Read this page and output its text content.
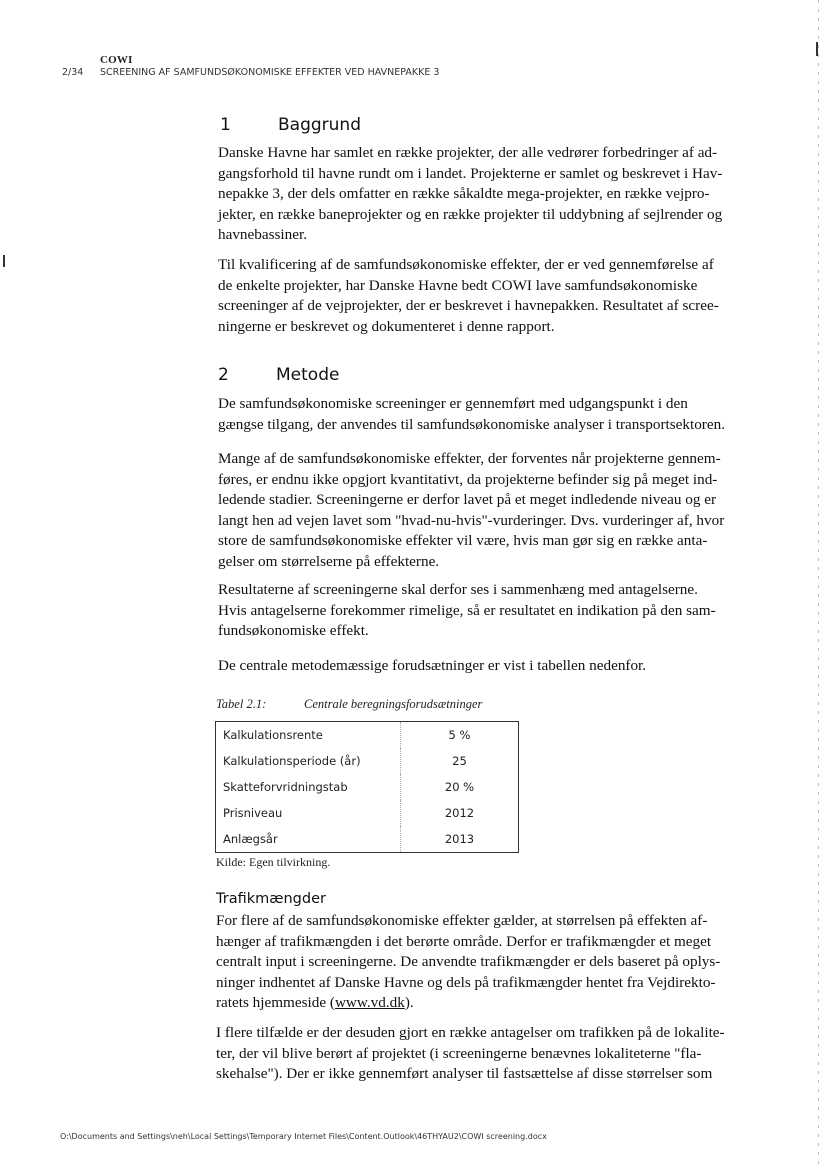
COWI
2/34 SCREENING AF SAMFUNDSØKONOMISKE EFFEKTER VED HAVNEPAKKE 3
1	Baggrund
Danske Havne har samlet en række projekter, der alle vedrører forbedringer af ad-
gangsforhold til havne rundt om i landet. Projekterne er samlet og beskrevet i Hav-
nepakke 3, der dels omfatter en række såkaldte mega-projekter, en række vejpro-
jekter, en række baneprojekter og en række projekter til uddybning af sejlrender og
havnebassiner.
Til kvalificering af de samfundsøkonomiske effekter, der er ved gennemførelse af
de enkelte projekter, har Danske Havne bedt COWI lave samfundsøkonomiske
screeninger af de vejprojekter, der er beskrevet i havnepakken. Resultatet af scree-
ningerne er beskrevet og dokumenteret i denne rapport.
2	Metode
De samfundsøkonomiske screeninger er gennemført med udgangspunkt i den
gængse tilgang, der anvendes til samfundsøkonomiske analyser i transportsektoren.
Mange af de samfundsøkonomiske effekter, der forventes når projekterne gennem-
føres, er endnu ikke opgjort kvantitativt, da projekterne befinder sig på meget ind-
ledende stadier. Screeningerne er derfor lavet på et meget indledende niveau og er
langt hen ad vejen lavet som "hvad-nu-hvis"-vurderinger. Dvs. vurderinger af, hvor
store de samfundsøkonomiske effekter vil være, hvis man gør sig en række anta-
gelser om størrelserne på effekterne.
Resultaterne af screeningerne skal derfor ses i sammenhæng med antagelserne.
Hvis antagelserne forekommer rimelige, så er resultatet en indikation på den sam-
fundsøkonomiske effekt.
De centrale metodemæssige forudsætninger er vist i tabellen nedenfor.
Tabel 2.1:	Centrale beregningsforudsætninger
Kalkulationsrente	5 %
Kalkulationsperiode (år)	25
Skatteforvridningstab	20 %
Prisniveau	2012
Anlægsår	2013
Kilde: Egen tilvirkning.
Trafikmængder
For flere af de samfundsøkonomiske effekter gælder, at størrelsen på effekten af-
hænger af trafikmængden i det berørte område. Derfor er trafikmængder et meget
centralt input i screeningerne. De anvendte trafikmængder er dels baseret på oplys-
ninger indhentet af Danske Havne og dels på trafikmængder hentet fra Vejdirekto-
ratets hjemmeside (www.vd.dk).
I flere tilfælde er der desuden gjort en række antagelser om trafikken på de lokalite-
ter, der vil blive berørt af projektet (i screeningerne benævnes lokaliteterne "fla-
skehalse"). Der er ikke gennemført analyser til fastsættelse af disse størrelser som
O:\Documents and Settings\neh\Local Settings\Temporary Internet Files\Content.Outlook\46THYAU2\COWI screening.docx
